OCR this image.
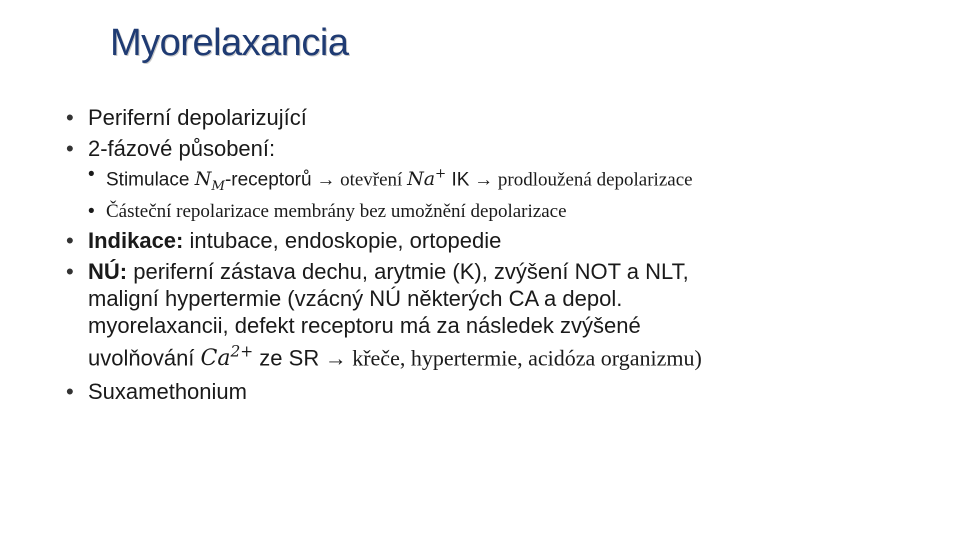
Myorelaxancia
• Periferní depolarizující
• 2-fázové působení:
• Stimulace $N_M$-receptorů → otevření Na+ IK → prodloužená depolarizace
• Částeční repolarizace membrány bez umožnění depolarizace
• Indikace: intubace, endoskopie, ortopedie
• NÚ: periferní zástava dechu, arytmie (K), zvýšení NOT a NLT, maligní hypertermie (vzácný NÚ některých CA a depol. myorelaxancii, defekt receptoru má za následek zvýšené uvolňování $Ca^{2+}$ ze SR → křeče, hypertermie, acidóza organizmu)
• Suxamethonium
